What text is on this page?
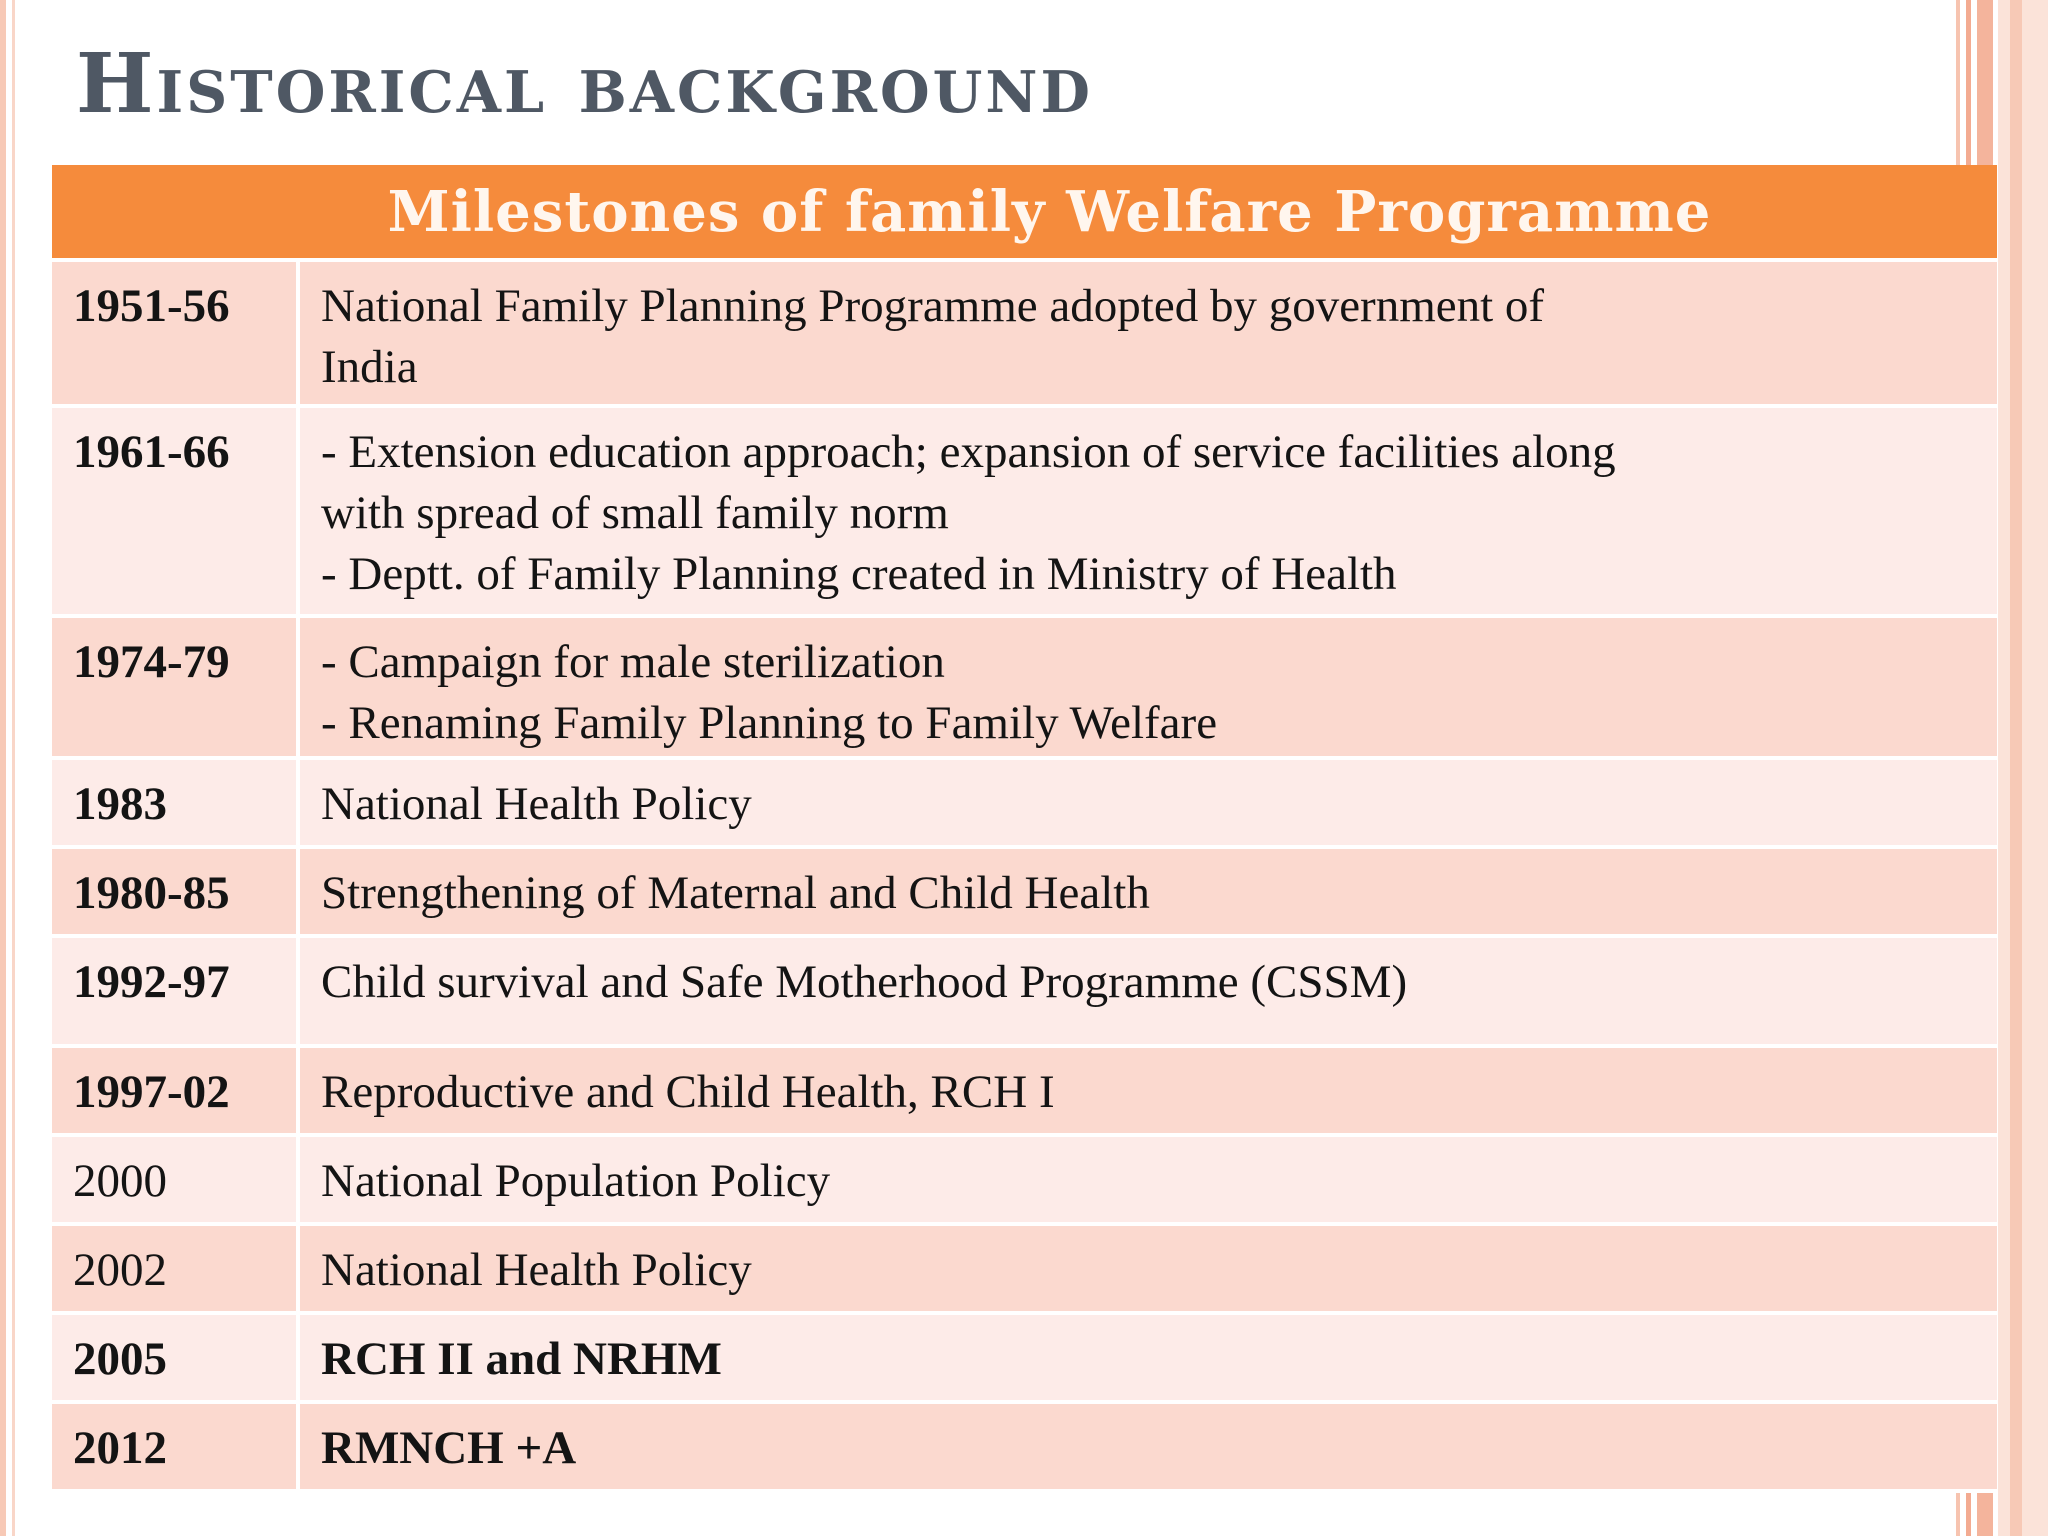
Historical background
Milestones of family Welfare Programme
1951-56	National Family Planning Programme adopted by government of
India
1961-66	- Extension education approach; expansion of service facilities along
with spread of small family norm
- Deptt. of Family Planning created in Ministry of Health
1974-79	- Campaign for male sterilization
- Renaming Family Planning to Family Welfare
1983	National Health Policy
1980-85	Strengthening of Maternal and Child Health
1992-97	Child survival and Safe Motherhood Programme (CSSM)
1997-02	Reproductive and Child Health, RCH I
2000	National Population Policy
2002	National Health Policy
2005	RCH II and NRHM
2012	RMNCH +A
